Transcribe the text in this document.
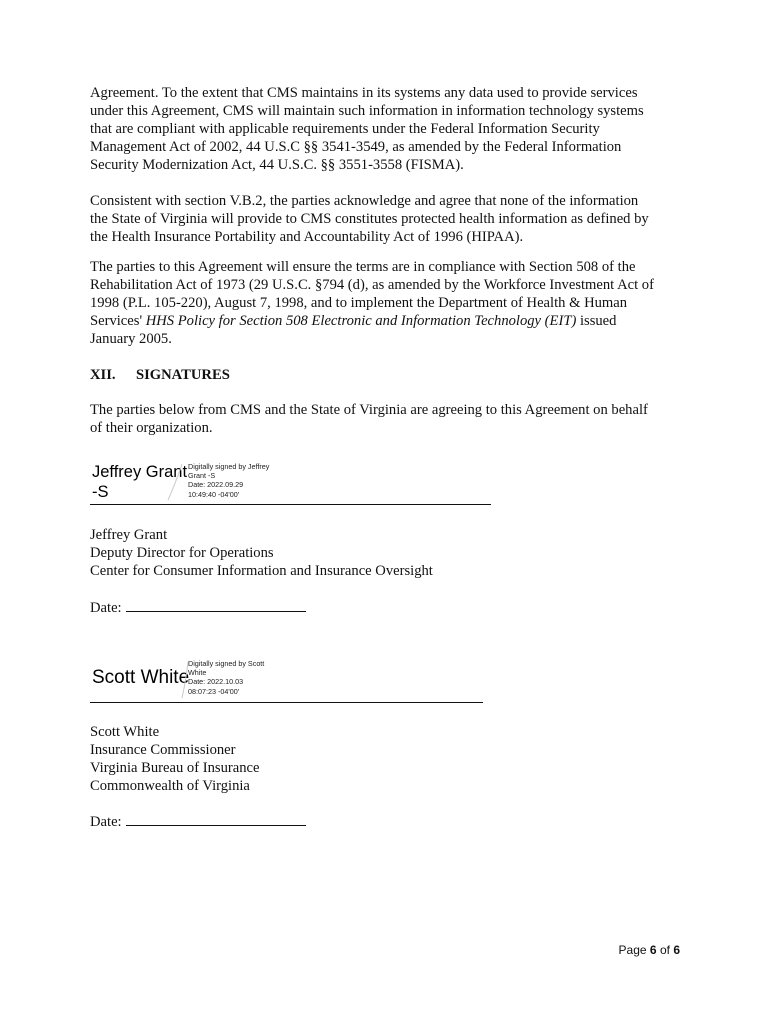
Agreement. To the extent that CMS maintains in its systems any data used to provide services
under this Agreement, CMS will maintain such information in information technology systems
that are compliant with applicable requirements under the Federal Information Security
Management Act of 2002, 44 U.S.C §§ 3541-3549, as amended by the Federal Information
Security Modernization Act, 44 U.S.C. §§ 3551-3558 (FISMA).
Consistent with section V.B.2, the parties acknowledge and agree that none of the information
the State of Virginia will provide to CMS constitutes protected health information as defined by
the Health Insurance Portability and Accountability Act of 1996 (HIPAA).
The parties to this Agreement will ensure the terms are in compliance with Section 508 of the
Rehabilitation Act of 1973 (29 U.S.C. §794 (d), as amended by the Workforce Investment Act of
1998 (P.L. 105-220), August 7, 1998, and to implement the Department of Health & Human
Services' HHS Policy for Section 508 Electronic and Information Technology (EIT) issued
January 2005.
XII. SIGNATURES
The parties below from CMS and the State of Virginia are agreeing to this Agreement on behalf
of their organization.
Jeffrey Grant
-S
Digitally signed by Jeffrey
Grant -S
Date: 2022.09.29
10:49:40 -04'00'
Jeffrey Grant
Deputy Director for Operations
Center for Consumer Information and Insurance Oversight
Date:
Scott White
Digitally signed by Scott
White
Date: 2022.10.03
08:07:23 -04'00'
Scott White
Insurance Commissioner
Virginia Bureau of Insurance
Commonwealth of Virginia
Date:
Page 6 of 6
